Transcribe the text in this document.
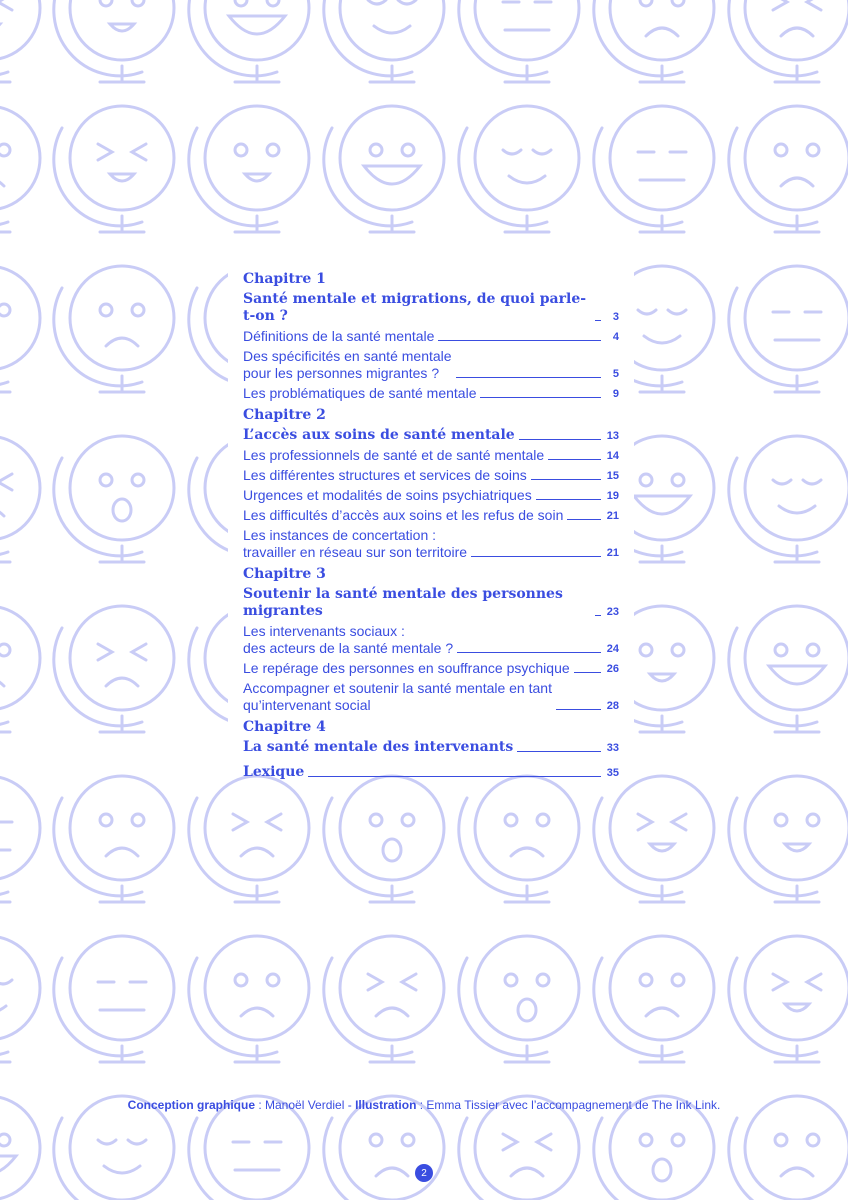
Chapitre 1
Santé mentale et migrations, de quoi parle-t-on ?	3
Définitions de la santé mentale	4
Des spécificités en santé mentale
pour les personnes migrantes ?	5
Les problématiques de santé mentale	9
Chapitre 2
L’accès aux soins de santé mentale	13
Les professionnels de santé et de santé mentale	14
Les différentes structures et services de soins	15
Urgences et modalités de soins psychiatriques	19
Les difficultés d’accès aux soins et les refus de soin	21
Les instances de concertation :
travailler en réseau sur son territoire	21
Chapitre 3
Soutenir la santé mentale des personnes migrantes	23
Les intervenants sociaux :
des acteurs de la santé mentale ?	24
Le repérage des personnes en souffrance psychique	26
Accompagner et soutenir la santé mentale en tant
qu’intervenant social	28
Chapitre 4
La santé mentale des intervenants	33
Lexique	35
Conception graphique : Manoël Verdiel - Illustration : Emma Tissier avec l’accompagnement de The Ink Link.
2
